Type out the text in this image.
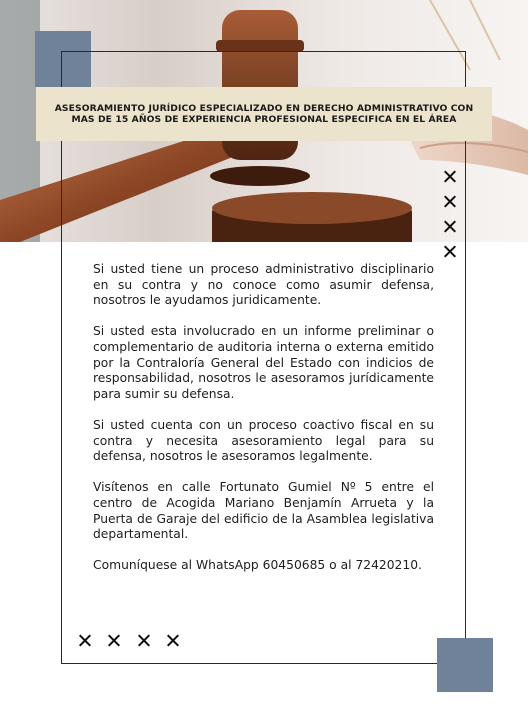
ASESORAMIENTO JURÍDICO ESPECIALIZADO EN DERECHO ADMINISTRATIVO CON MAS DE 15 AÑOS DE EXPERIENCIA PROFESIONAL ESPECIFICA EN EL ÁREA

Si usted tiene un proceso administrativo disciplinario en su contra y no conoce como asumir defensa, nosotros le ayudamos juridicamente.

Si usted esta involucrado en un informe preliminar o complementario de auditoria interna o externa emitido por la Contraloría General del Estado con indicios de responsabilidad, nosotros le asesoramos jurídicamente para sumir su defensa.

Si usted cuenta con un proceso coactivo fiscal en su contra y necesita asesoramiento legal para su defensa, nosotros le asesoramos legalmente.

Visítenos en calle Fortunato Gumiel Nº 5 entre el centro de Acogida Mariano Benjamín Arrueta y la Puerta de Garaje del edificio de la Asamblea legislativa departamental.

Comuníquese al WhatsApp 60450685 o al 72420210.
